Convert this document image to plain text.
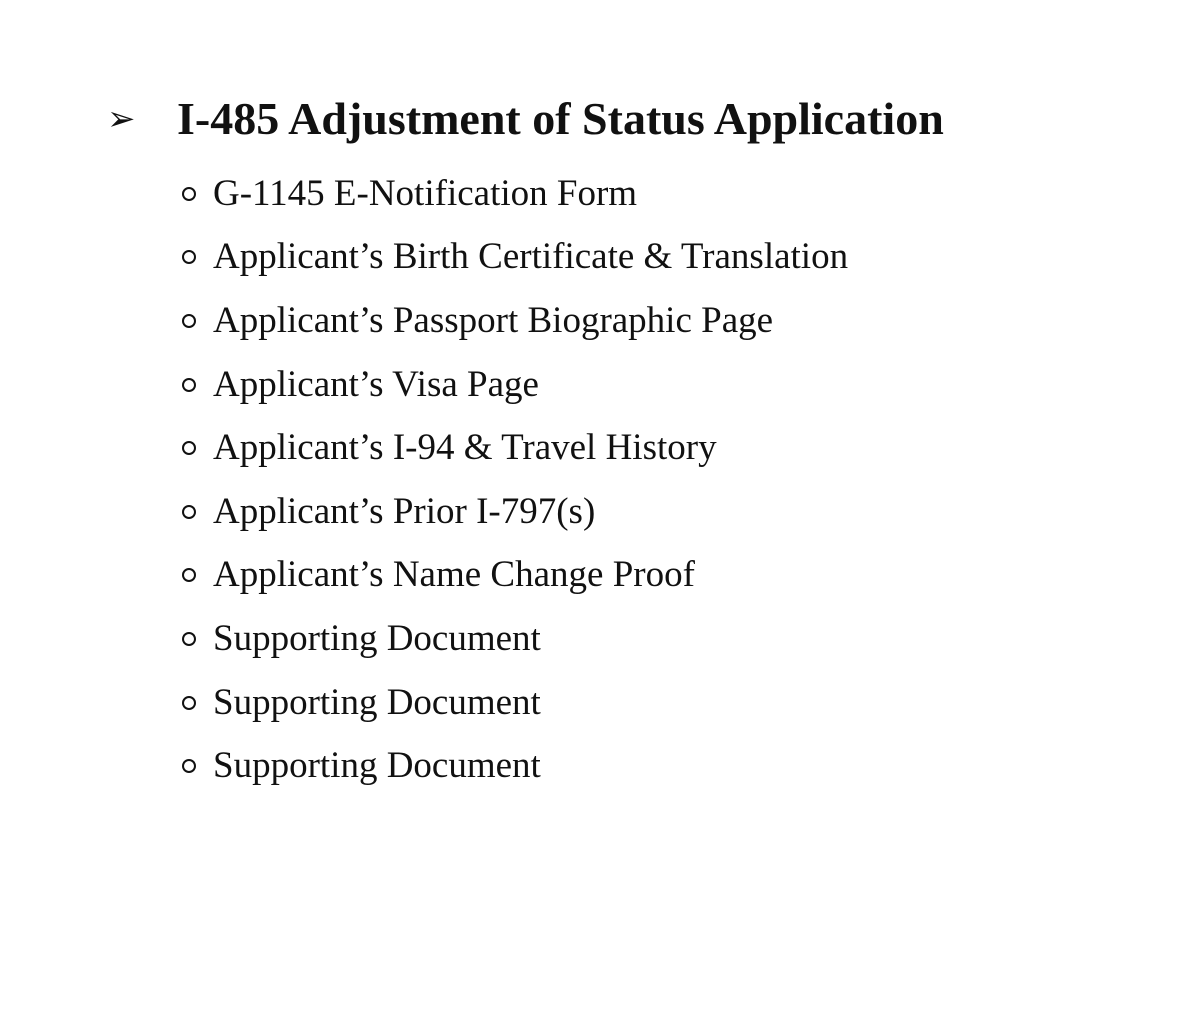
➢ I-485 Adjustment of Status Application
G-1145 E-Notification Form
Applicant’s Birth Certificate & Translation
Applicant’s Passport Biographic Page
Applicant’s Visa Page
Applicant’s I-94 & Travel History
Applicant’s Prior I-797(s)
Applicant’s Name Change Proof
Supporting Document
Supporting Document
Supporting Document
